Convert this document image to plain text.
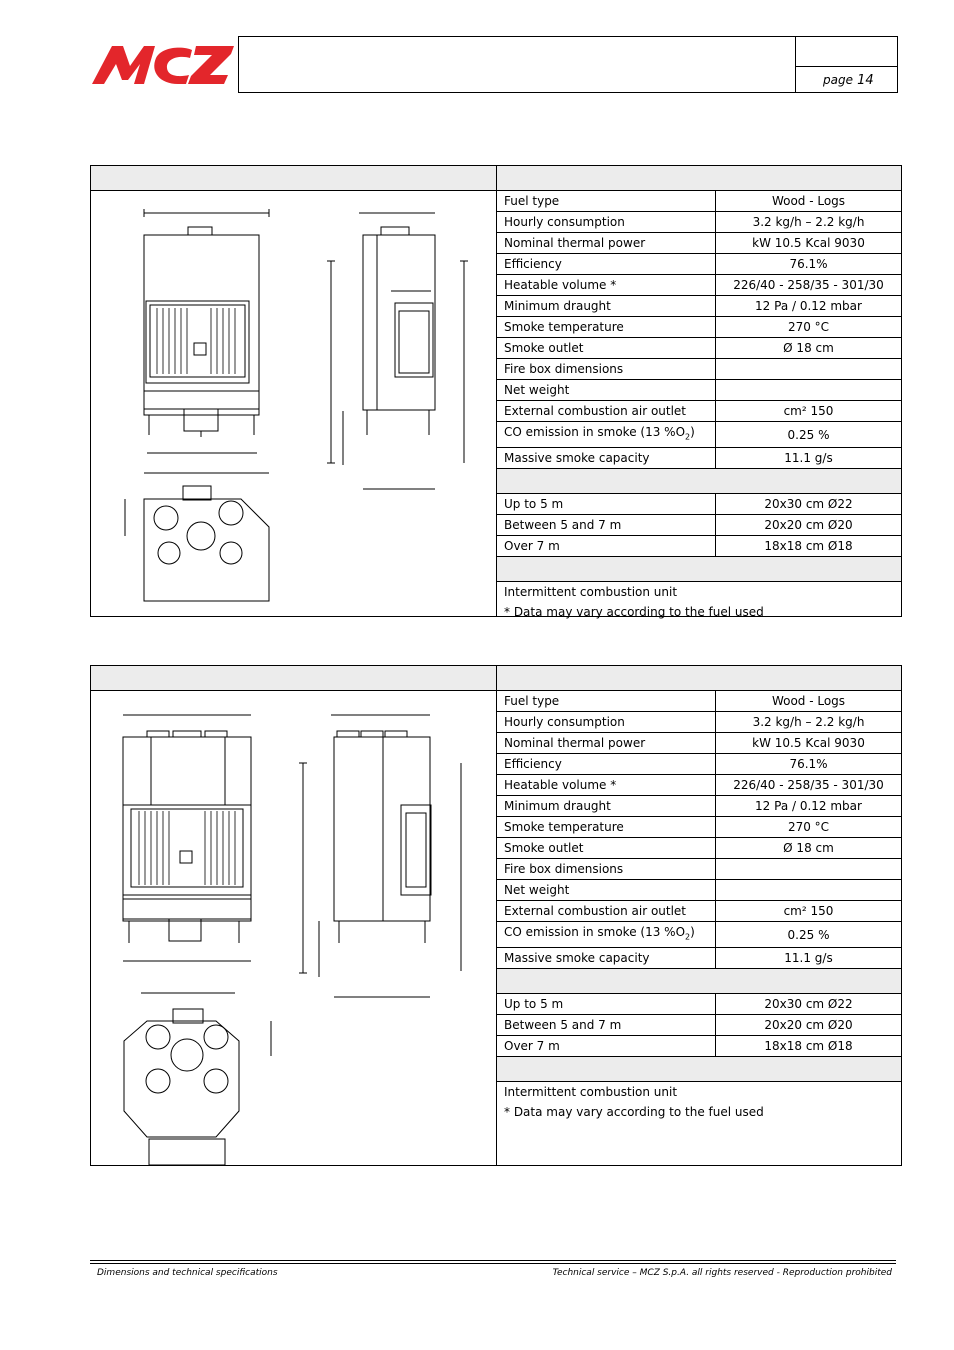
page 14
Fuel type	Wood - Logs
Hourly consumption	3.2 kg/h – 2.2 kg/h
Nominal thermal power	kW 10.5 Kcal 9030
Efficiency	76.1%
Heatable volume *	226/40 - 258/35 - 301/30
Minimum draught	12 Pa / 0.12 mbar
Smoke temperature	270 °C
Smoke outlet	Ø 18 cm
Fire box dimensions	
Net weight	
External combustion air outlet	cm² 150
CO emission in smoke (13 $\%O_2$)	0.25 %
Massive smoke capacity	11.1 g/s

Up to 5 m	20x30 cm Ø22
Between 5 and 7 m	20x20 cm Ø20
Over 7 m	18x18 cm Ø18

Intermittent combustion unit	
* Data may vary according to the fuel used	
Fuel type	Wood - Logs
Hourly consumption	3.2 kg/h – 2.2 kg/h
Nominal thermal power	kW 10.5 Kcal 9030
Efficiency	76.1%
Heatable volume *	226/40 - 258/35 - 301/30
Minimum draught	12 Pa / 0.12 mbar
Smoke temperature	270 °C
Smoke outlet	Ø 18 cm
Fire box dimensions	
Net weight	
External combustion air outlet	cm² 150
CO emission in smoke (13 $\%O_2$)	0.25 %
Massive smoke capacity	11.1 g/s

Up to 5 m	20x30 cm Ø22
Between 5 and 7 m	20x20 cm Ø20
Over 7 m	18x18 cm Ø18

Intermittent combustion unit	
* Data may vary according to the fuel used	
Dimensions and technical specifications	Technical service – MCZ S.p.A. all rights reserved - Reproduction prohibited
